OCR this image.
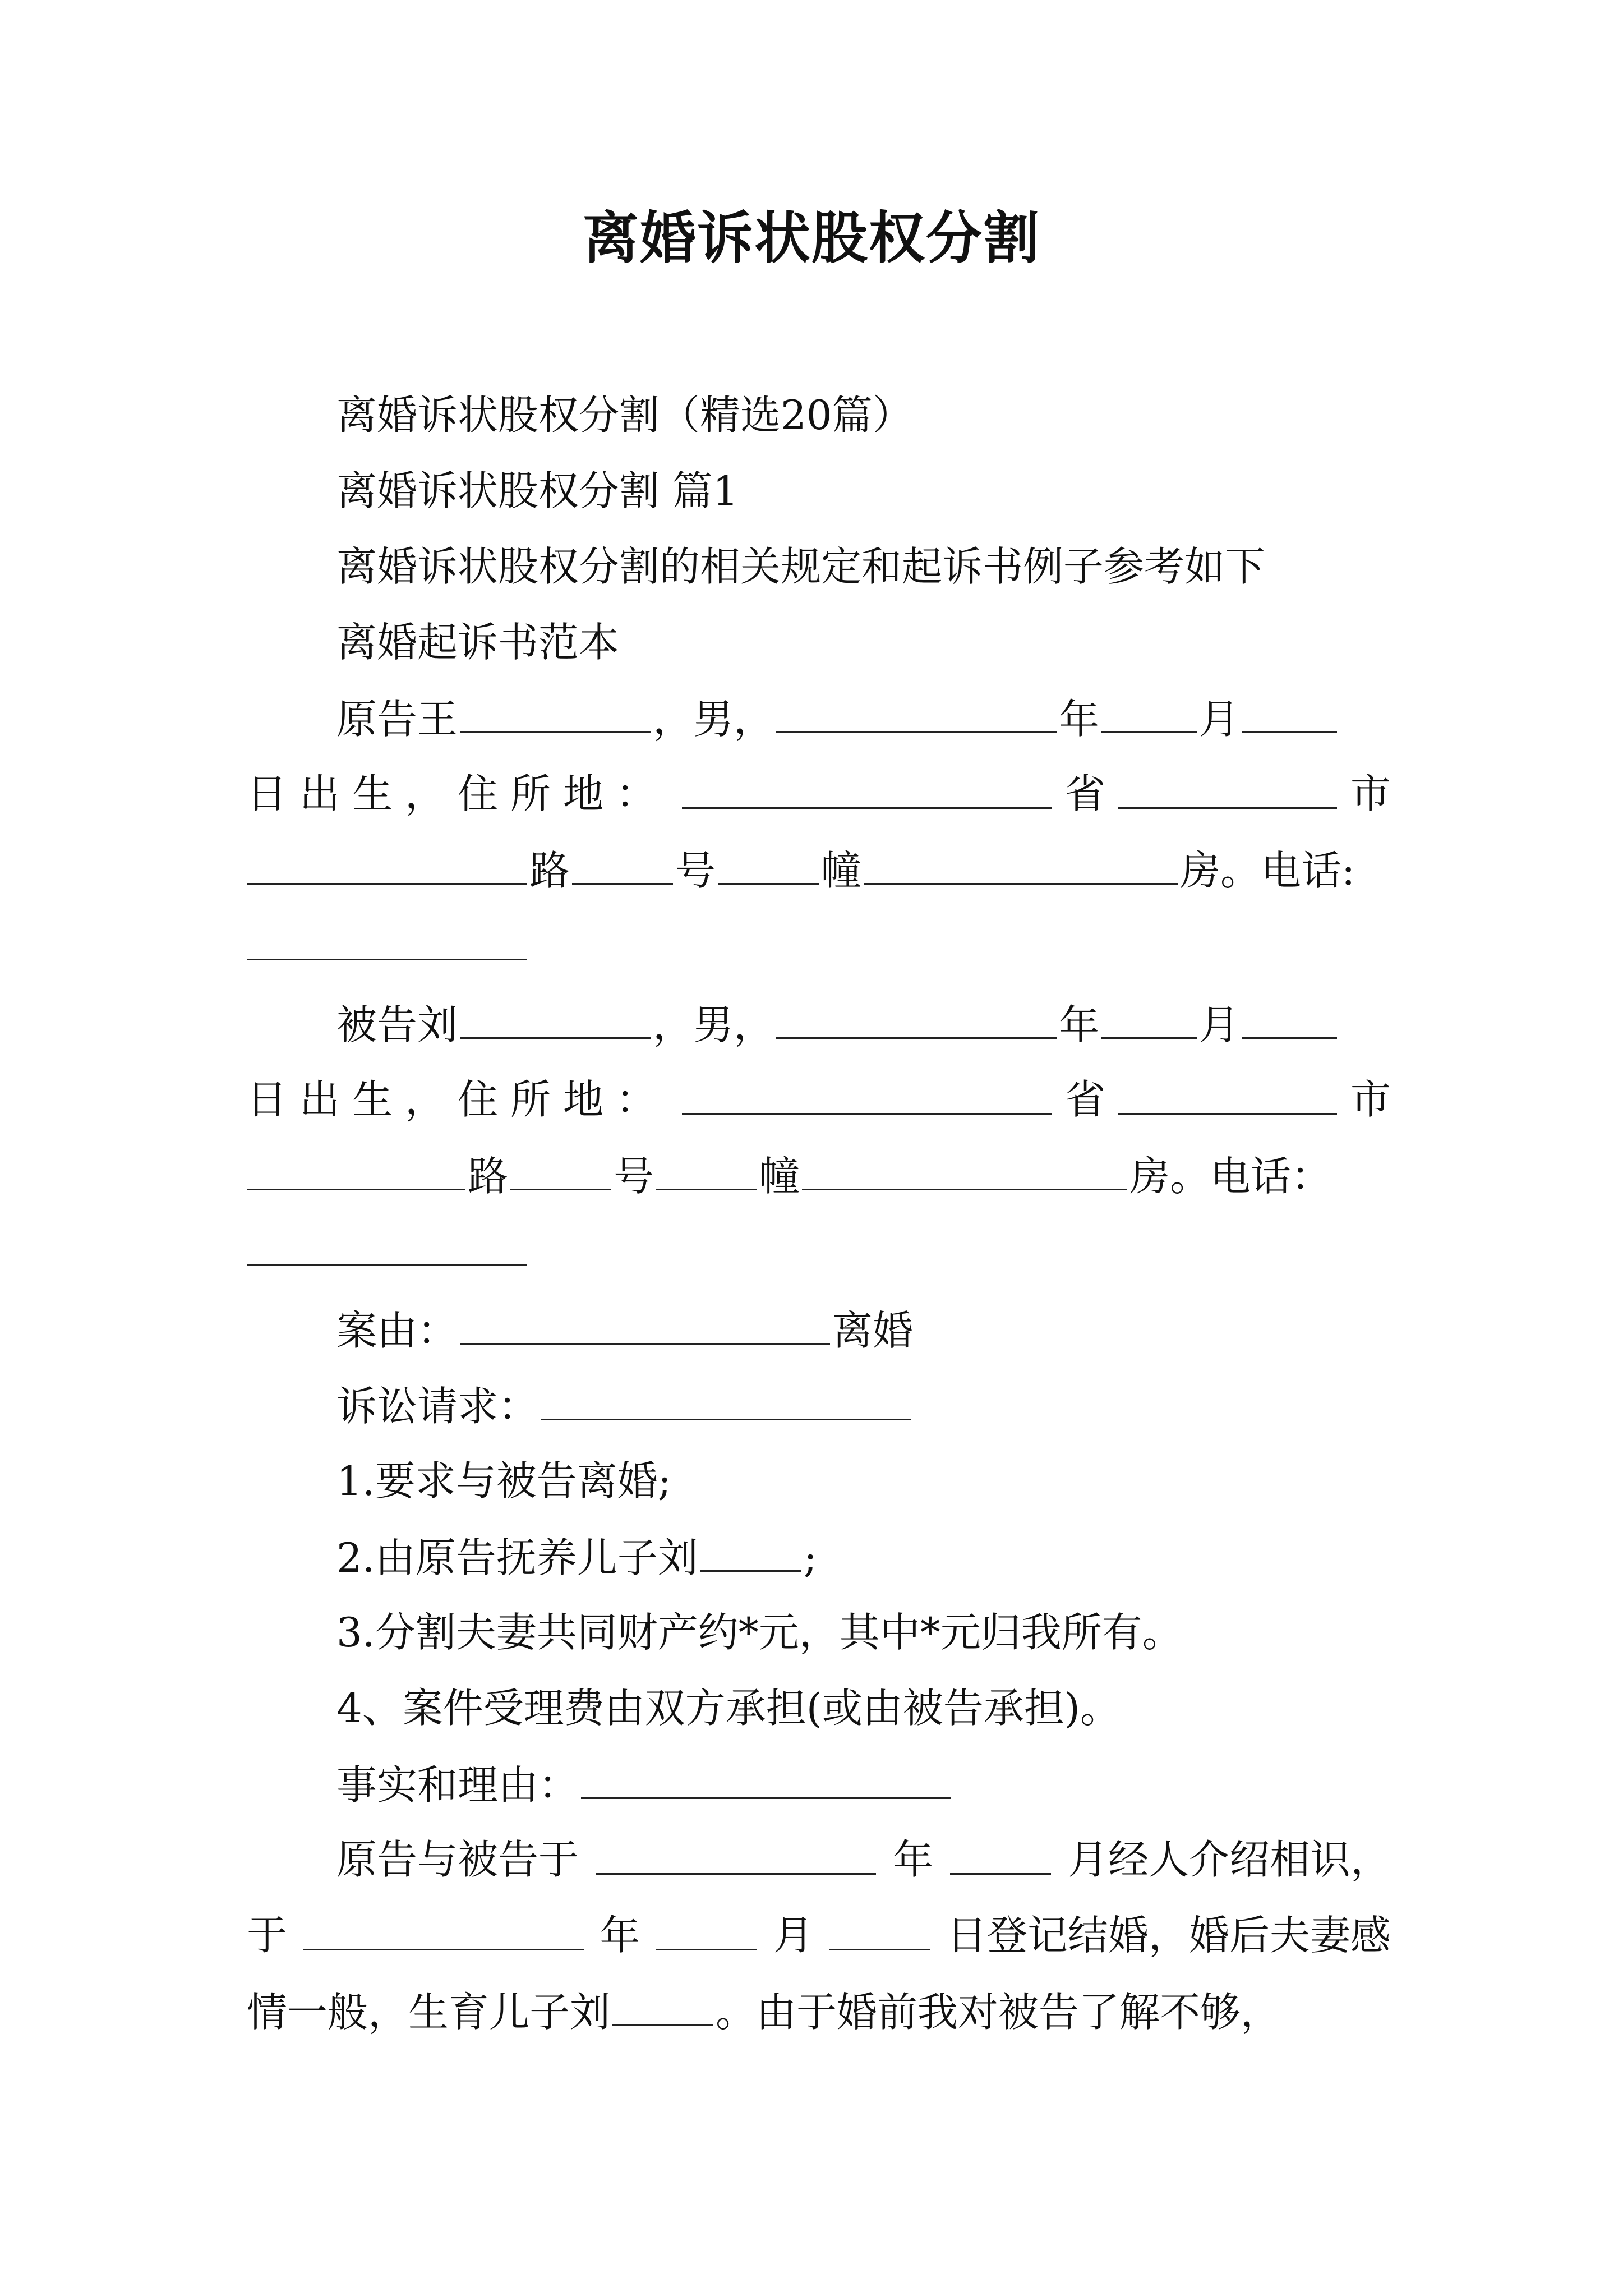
离婚诉状股权分割
离婚诉状股权分割（精选20篇）
离婚诉状股权分割 篇1
离婚诉状股权分割的相关规定和起诉书例子参考如下
离婚起诉书范本
原告王	，男，	年 月
日出生，住所地：	省	市
路	号	幢	房。电话:
被告刘	，男，	年 月
日出生，住所地：	省	市
路	号	幢	房。电话：
案由：	离婚
诉讼请求：
1.要求与被告离婚;
2.由原告抚养儿子刘	;
3.分割夫妻共同财产约*元，其中*元归我所有。
4、案件受理费由双方承担(或由被告承担)。
事实和理由：
原告与被告于	年	月经人介绍相识，
于	年	月	日登记结婚，婚后夫妻感
情一般，生育儿子刘	。由于婚前我对被告了解不够，
